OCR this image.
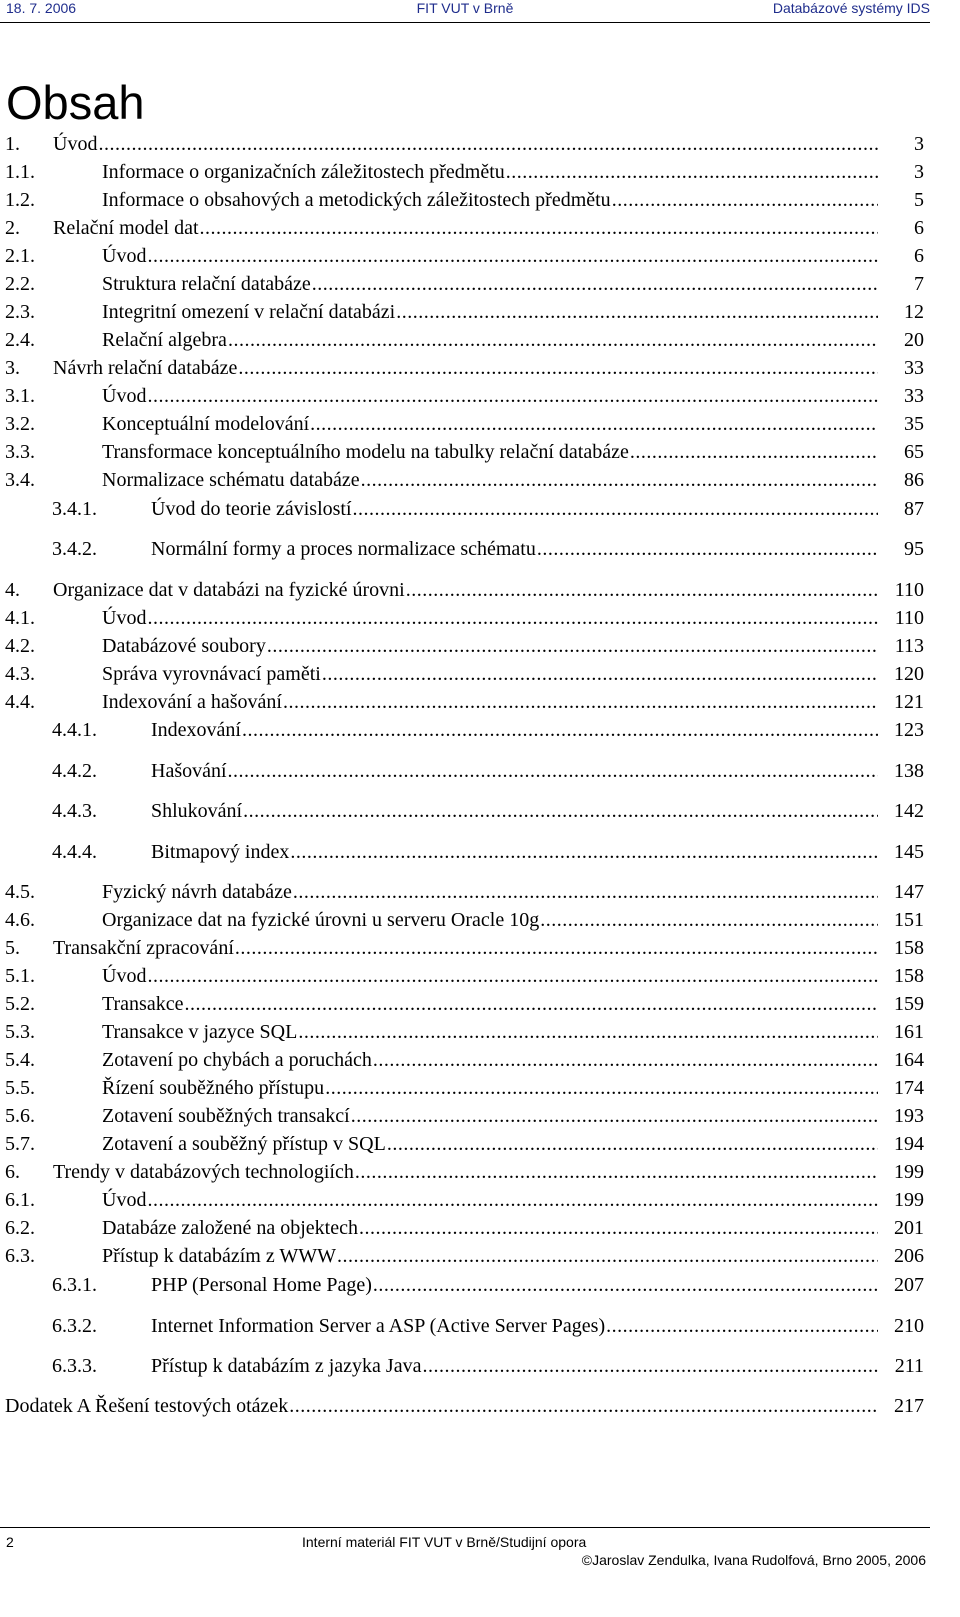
18. 7. 2006	FIT VUT v Brně	Databázové systémy IDS
Obsah
1. Úvod .....	3
1.1.	Informace o organizačních záležitostech předmětu .....	3
1.2.	Informace o obsahových a metodických záležitostech předmětu .....	5
2. Relační model dat .....	6
2.1.	Úvod .....	6
2.2.	Struktura relační databáze .....	7
2.3.	Integritní omezení v relační databázi .....	12
2.4.	Relační algebra .....	20
3. Návrh relační databáze .....	33
3.1.	Úvod .....	33
3.2.	Konceptuální modelování .....	35
3.3.	Transformace konceptuálního modelu na tabulky relační databáze .....	65
3.4.	Normalizace schématu databáze .....	86
3.4.1.	Úvod do teorie závislostí .....	87
3.4.2.	Normální formy a proces normalizace schématu .....	95
4. Organizace dat v databázi na fyzické úrovni .....	110
4.1.	Úvod .....	110
4.2.	Databázové soubory .....	113
4.3.	Správa vyrovnávací paměti .....	120
4.4.	Indexování a hašování .....	121
4.4.1.	Indexování .....	123
4.4.2.	Hašování .....	138
4.4.3.	Shlukování .....	142
4.4.4.	Bitmapový index .....	145
4.5.	Fyzický návrh databáze .....	147
4.6.	Organizace dat na fyzické úrovni u serveru Oracle 10g .....	151
5. Transakční zpracování .....	158
5.1.	Úvod .....	158
5.2.	Transakce .....	159
5.3.	Transakce v jazyce SQL .....	161
5.4.	Zotavení po chybách a poruchách .....	164
5.5.	Řízení souběžného přístupu .....	174
5.6.	Zotavení souběžných transakcí .....	193
5.7.	Zotavení a souběžný přístup v SQL .....	194
6. Trendy v databázových technologiích .....	199
6.1.	Úvod .....	199
6.2.	Databáze založené na objektech .....	201
6.3.	Přístup k databázím z WWW .....	206
6.3.1.	PHP (Personal Home Page) .....	207
6.3.2.	Internet Information Server a ASP (Active Server Pages) .....	210
6.3.3.	Přístup k databázím z jazyka Java .....	211
Dodatek A Řešení testových otázek .....	217
2	Interní materiál FIT VUT v Brně/Studijní opora
©Jaroslav Zendulka, Ivana Rudolfová, Brno 2005, 2006
